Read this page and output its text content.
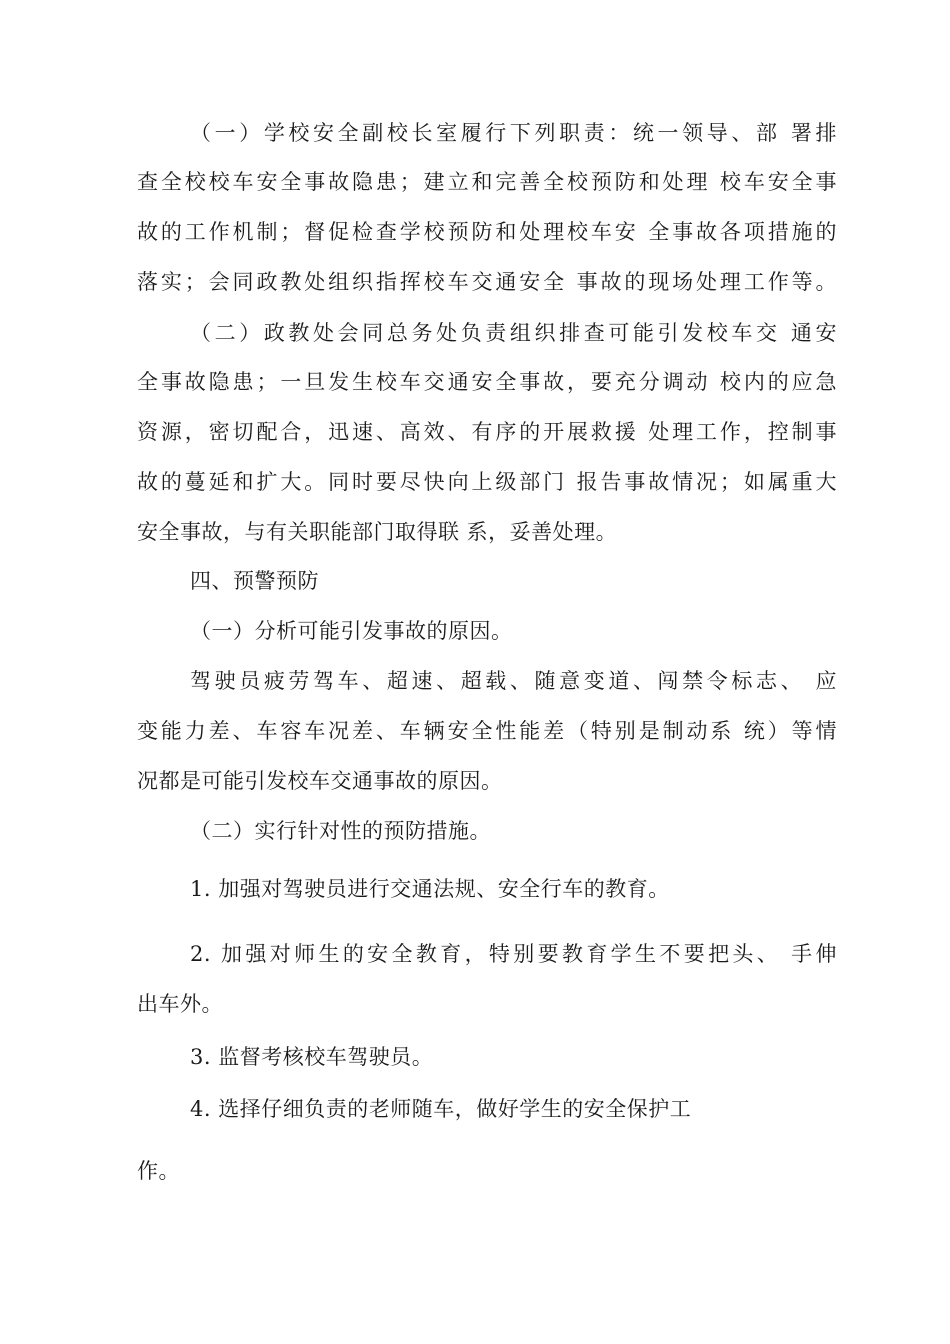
（一）学校安全副校长室履行下列职责：统一领导、部 署排
查全校校车安全事故隐患；建立和完善全校预防和处理 校车安全事
故的工作机制；督促检查学校预防和处理校车安 全事故各项措施的
落实；会同政教处组织指挥校车交通安全 事故的现场处理工作等。
（二）政教处会同总务处负责组织排查可能引发校车交 通安
全事故隐患；一旦发生校车交通安全事故，要充分调动 校内的应急
资源，密切配合，迅速、高效、有序的开展救援 处理工作，控制事
故的蔓延和扩大。同时要尽快向上级部门 报告事故情况；如属重大
安全事故，与有关职能部门取得联 系，妥善处理。
四、预警预防
（一）分析可能引发事故的原因。
驾驶员疲劳驾车、超速、超载、随意变道、闯禁令标志、 应
变能力差、车容车况差、车辆安全性能差（特别是制动系 统）等情
况都是可能引发校车交通事故的原因。
（二）实行针对性的预防措施。
1. 加强对驾驶员进行交通法规、安全行车的教育。
2. 加强对师生的安全教育，特别要教育学生不要把头、 手伸
出车外。
3. 监督考核校车驾驶员。
4. 选择仔细负责的老师随车，做好学生的安全保护工
作。
